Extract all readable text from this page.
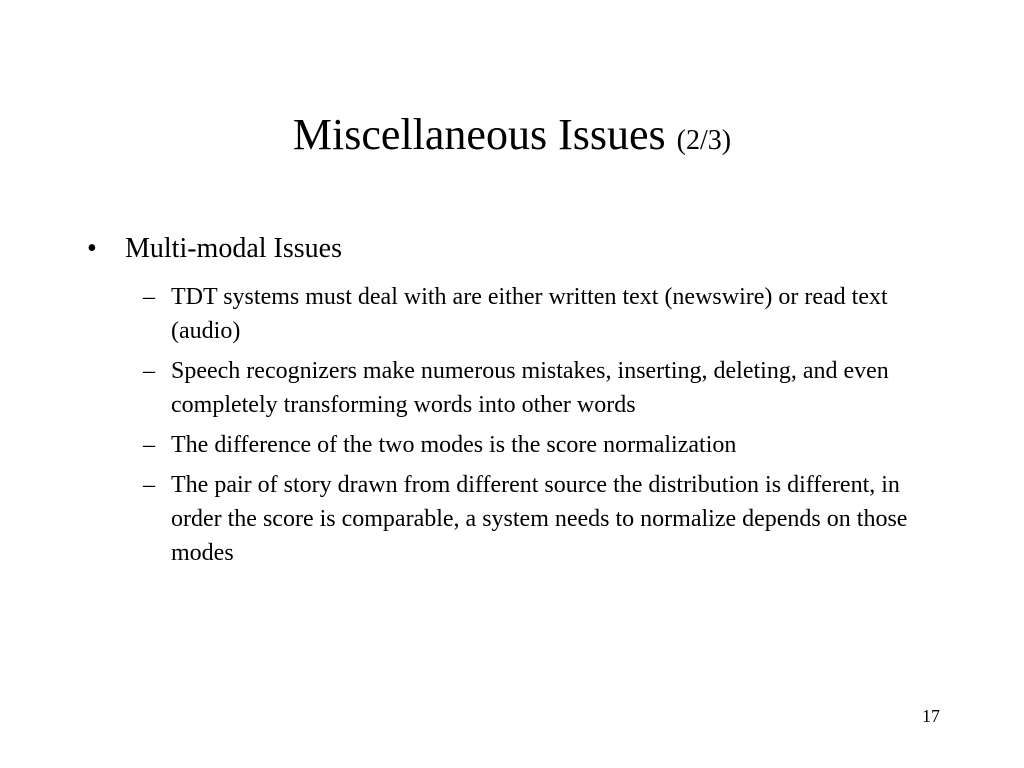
Miscellaneous Issues (2/3)
•	Multi-modal Issues
– TDT systems must deal with are either written text (newswire) or read text (audio)
– Speech recognizers make numerous mistakes, inserting, deleting, and even completely transforming words into other words
– The difference of the two modes is the score normalization
– The pair of story drawn from different source the distribution is different, in order the score is comparable, a system needs to normalize depends on those modes
17
